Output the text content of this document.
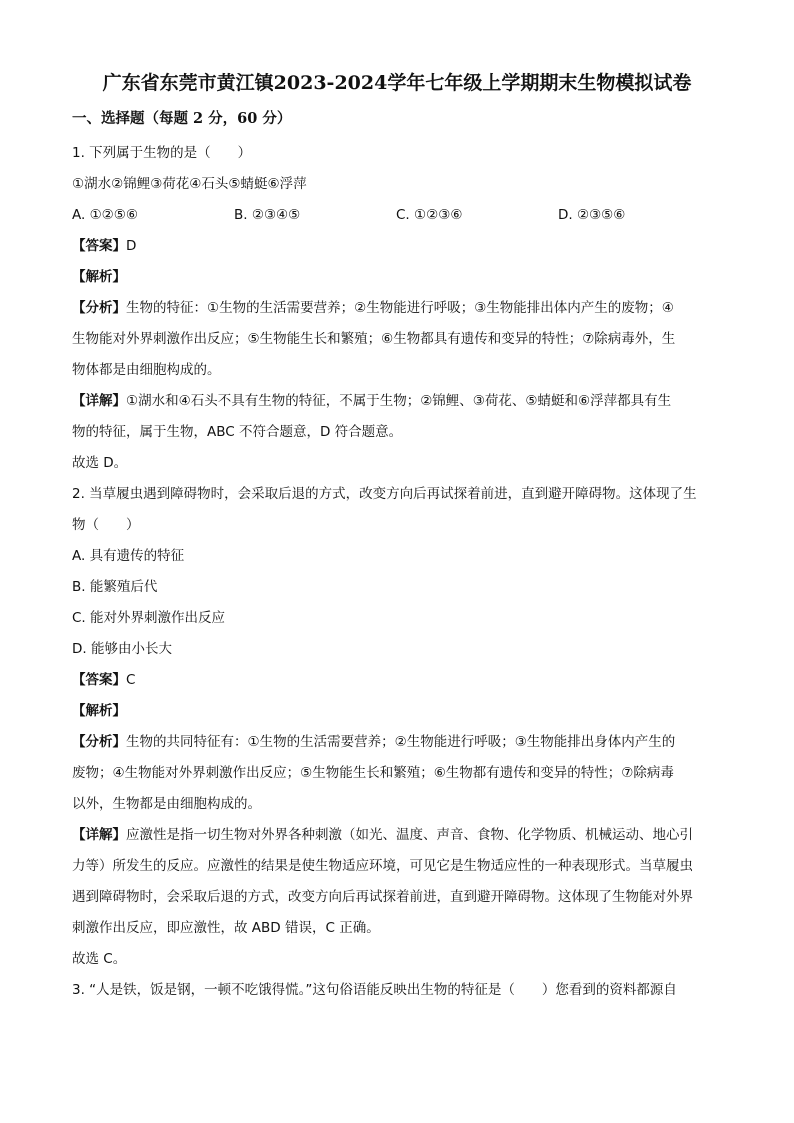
广东省东莞市黄江镇2023-2024学年七年级上学期期末生物模拟试卷
一、选择题（每题 2 分，60 分）
1. 下列属于生物的是（　　）
①湖水②锦鲤③荷花④石头⑤蜻蜓⑥浮萍
A. ①②⑤⑥	B. ②③④⑤	C. ①②③⑥	D. ②③⑤⑥
【答案】D
【解析】
【分析】生物的特征：①生物的生活需要营养；②生物能进行呼吸；③生物能排出体内产生的废物；④
生物能对外界刺激作出反应；⑤生物能生长和繁殖；⑥生物都具有遗传和变异的特性；⑦除病毒外，生
物体都是由细胞构成的。
【详解】①湖水和④石头不具有生物的特征，不属于生物；②锦鲤、③荷花、⑤蜻蜓和⑥浮萍都具有生
物的特征，属于生物，ABC 不符合题意，D 符合题意。
故选 D。
2. 当草履虫遇到障碍物时，会采取后退的方式，改变方向后再试探着前进，直到避开障碍物。这体现了生
物（　　）
A. 具有遗传的特征
B. 能繁殖后代
C. 能对外界刺激作出反应
D. 能够由小长大
【答案】C
【解析】
【分析】生物的共同特征有：①生物的生活需要营养；②生物能进行呼吸；③生物能排出身体内产生的
废物；④生物能对外界刺激作出反应；⑤生物能生长和繁殖；⑥生物都有遗传和变异的特性；⑦除病毒
以外，生物都是由细胞构成的。
【详解】应激性是指一切生物对外界各种刺激（如光、温度、声音、食物、化学物质、机械运动、地心引
力等）所发生的反应。应激性的结果是使生物适应环境，可见它是生物适应性的一种表现形式。当草履虫
遇到障碍物时，会采取后退的方式，改变方向后再试探着前进，直到避开障碍物。这体现了生物能对外界
刺激作出反应，即应激性，故 ABD 错误，C 正确。
故选 C。
3. “人是铁，饭是钢，一顿不吃饿得慌。”这句俗语能反映出生物的特征是（　　）您看到的资料都源自
